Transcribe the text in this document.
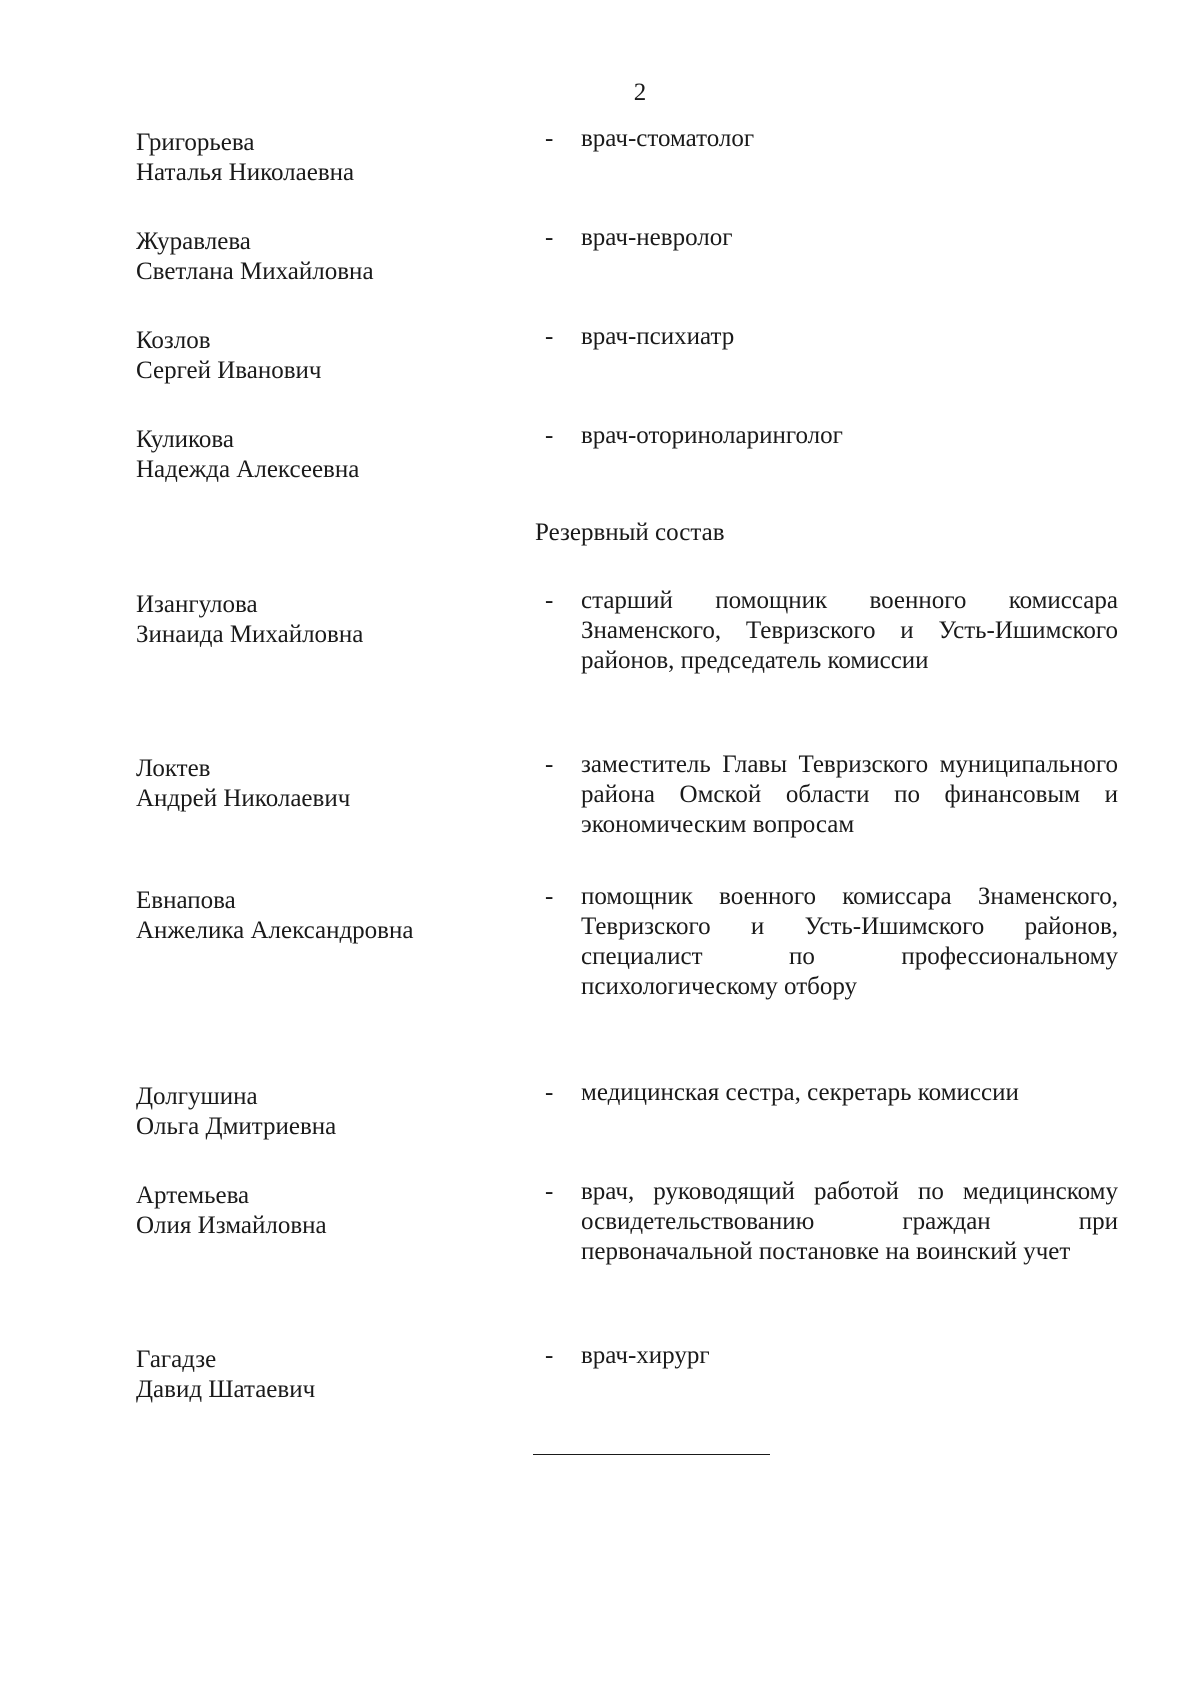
2
Григорьева
Наталья Николаевна
- врач-стоматолог
Журавлева
Светлана Михайловна
- врач-невролог
Козлов
Сергей Иванович
- врач-психиатр
Куликова
Надежда Алексеевна
- врач-оториноларинголог
Резервный состав
Изангулова
Зинаида Михайловна
- старший помощник военного комиссара Знаменского, Тевризского и Усть-Ишимского районов, председатель комиссии
Локтев
Андрей Николаевич
- заместитель Главы Тевризского муниципального района Омской области по финансовым и экономическим вопросам
Евнапова
Анжелика Александровна
- помощник военного комиссара Знаменского, Тевризского и Усть-Ишимского районов, специалист по профессиональному психологическому отбору
Долгушина
Ольга Дмитриевна
- медицинская сестра, секретарь комиссии
Артемьева
Олия Измайловна
- врач, руководящий работой по медицинскому освидетельствованию граждан при первоначальной постановке на воинский учет
Гагадзе
Давид Шатаевич
- врач-хирург
